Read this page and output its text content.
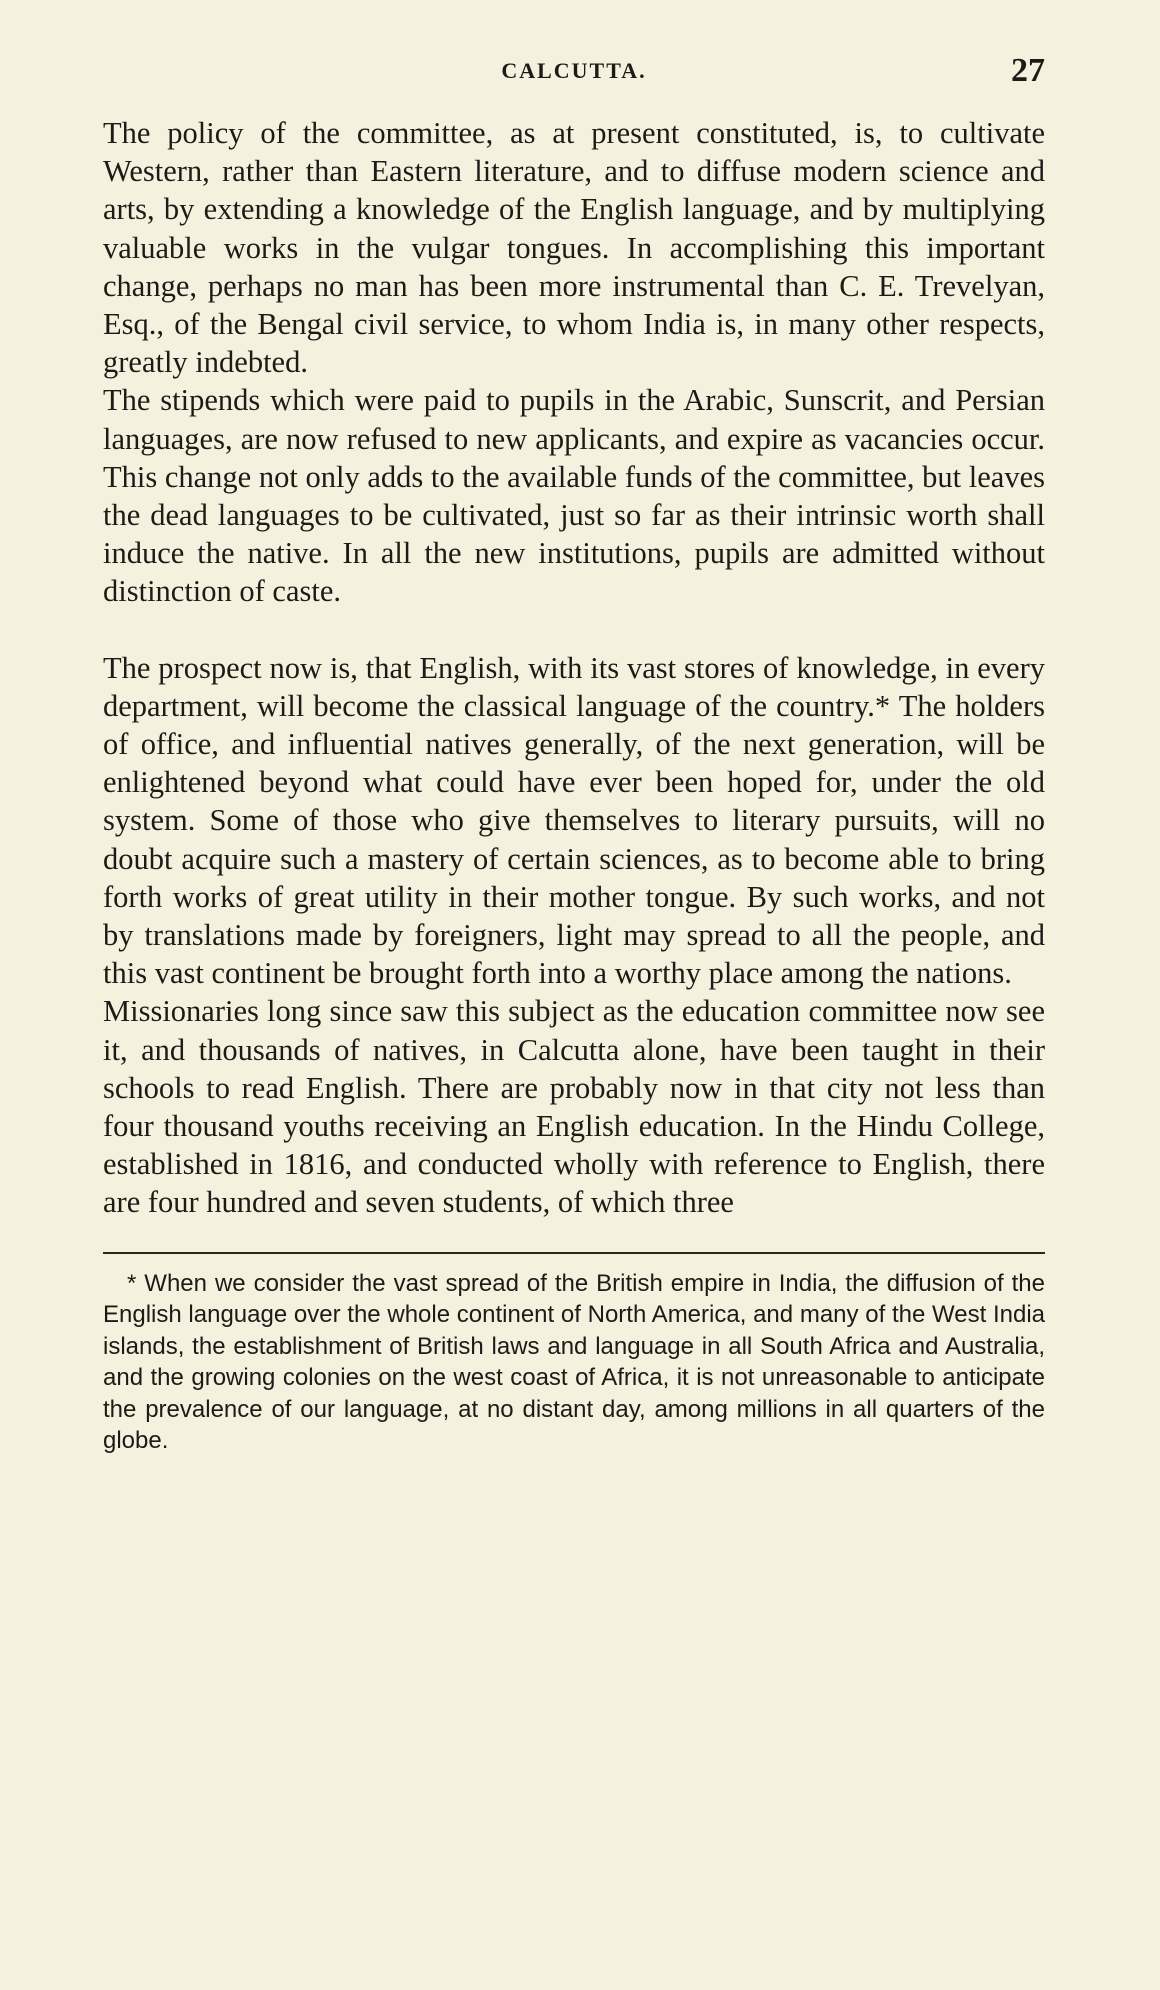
CALCUTTA.	27

The policy of the committee, as at present constituted, is, to cultivate Western, rather than Eastern literature, and to diffuse modern science and arts, by extending a knowledge of the English language, and by multiplying valuable works in the vulgar tongues. In accomplishing this important change, perhaps no man has been more instrumental than C. E. Trevelyan, Esq., of the Bengal civil service, to whom India is, in many other respects, greatly indebted.

The stipends which were paid to pupils in the Arabic, Sunscrit, and Persian languages, are now refused to new applicants, and expire as vacancies occur. This change not only adds to the available funds of the committee, but leaves the dead languages to be cultivated, just so far as their intrinsic worth shall induce the native. In all the new institutions, pupils are admitted without distinction of caste.

The prospect now is, that English, with its vast stores of knowledge, in every department, will become the classical language of the country.* The holders of office, and influential natives generally, of the next generation, will be enlightened beyond what could have ever been hoped for, under the old system. Some of those who give themselves to literary pursuits, will no doubt acquire such a mastery of certain sciences, as to become able to bring forth works of great utility in their mother tongue. By such works, and not by translations made by foreigners, light may spread to all the people, and this vast continent be brought forth into a worthy place among the nations.

Missionaries long since saw this subject as the education committee now see it, and thousands of natives, in Calcutta alone, have been taught in their schools to read English. There are probably now in that city not less than four thousand youths receiving an English education. In the Hindu College, established in 1816, and conducted wholly with reference to English, there are four hundred and seven students, of which three

* When we consider the vast spread of the British empire in India, the diffusion of the English language over the whole continent of North America, and many of the West India islands, the establishment of British laws and language in all South Africa and Australia, and the growing colonies on the west coast of Africa, it is not unreasonable to anticipate the prevalence of our language, at no distant day, among millions in all quarters of the globe.
